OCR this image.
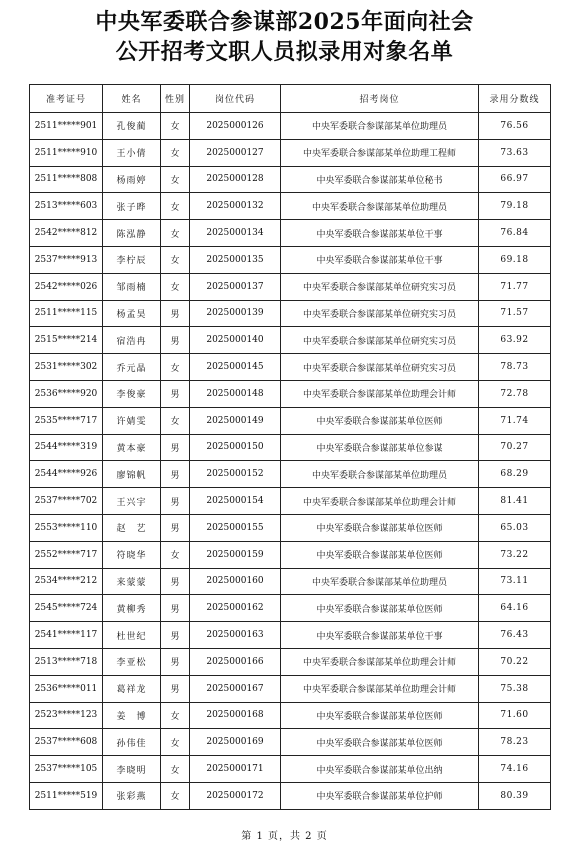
中央军委联合参谋部2025年面向社会
公开招考文职人员拟录用对象名单
准考证号	姓名	性别	岗位代码	招考岗位	录用分数线
2511*****901	孔俊蔺	女	2025000126	中央军委联合参谋部某单位助理员	76.56
2511*****910	王小倩	女	2025000127	中央军委联合参谋部某单位助理工程师	73.63
2511*****808	杨雨婷	女	2025000128	中央军委联合参谋部某单位秘书	66.97
2513*****603	张子晔	女	2025000132	中央军委联合参谋部某单位助理员	79.18
2542*****812	陈泓静	女	2025000134	中央军委联合参谋部某单位干事	76.84
2537*****913	李柠辰	女	2025000135	中央军委联合参谋部某单位干事	69.18
2542*****026	邹雨楠	女	2025000137	中央军委联合参谋部某单位研究实习员	71.77
2511*****115	杨孟昊	男	2025000139	中央军委联合参谋部某单位研究实习员	71.57
2515*****214	宿浩冉	男	2025000140	中央军委联合参谋部某单位研究实习员	63.92
2531*****302	乔元晶	女	2025000145	中央军委联合参谋部某单位研究实习员	78.73
2536*****920	李俊豪	男	2025000148	中央军委联合参谋部某单位助理会计师	72.78
2535*****717	许婧雯	女	2025000149	中央军委联合参谋部某单位医师	71.74
2544*****319	黄本豪	男	2025000150	中央军委联合参谋部某单位参谋	70.27
2544*****926	廖锦帆	男	2025000152	中央军委联合参谋部某单位助理员	68.29
2537*****702	王兴宇	男	2025000154	中央军委联合参谋部某单位助理会计师	81.41
2553*****110	赵　艺	男	2025000155	中央军委联合参谋部某单位医师	65.03
2552*****717	符晓华	女	2025000159	中央军委联合参谋部某单位医师	73.22
2534*****212	来蒙蒙	男	2025000160	中央军委联合参谋部某单位助理员	73.11
2545*****724	黄柳秀	男	2025000162	中央军委联合参谋部某单位医师	64.16
2541*****117	杜世纪	男	2025000163	中央军委联合参谋部某单位干事	76.43
2513*****718	李亚松	男	2025000166	中央军委联合参谋部某单位助理会计师	70.22
2536*****011	葛祥龙	男	2025000167	中央军委联合参谋部某单位助理会计师	75.38
2523*****123	姜　博	女	2025000168	中央军委联合参谋部某单位医师	71.60
2537*****608	孙伟佳	女	2025000169	中央军委联合参谋部某单位医师	78.23
2537*****105	李晓明	女	2025000171	中央军委联合参谋部某单位出纳	74.16
2511*****519	张彩燕	女	2025000172	中央军委联合参谋部某单位护师	80.39
第 1 页，共 2 页
